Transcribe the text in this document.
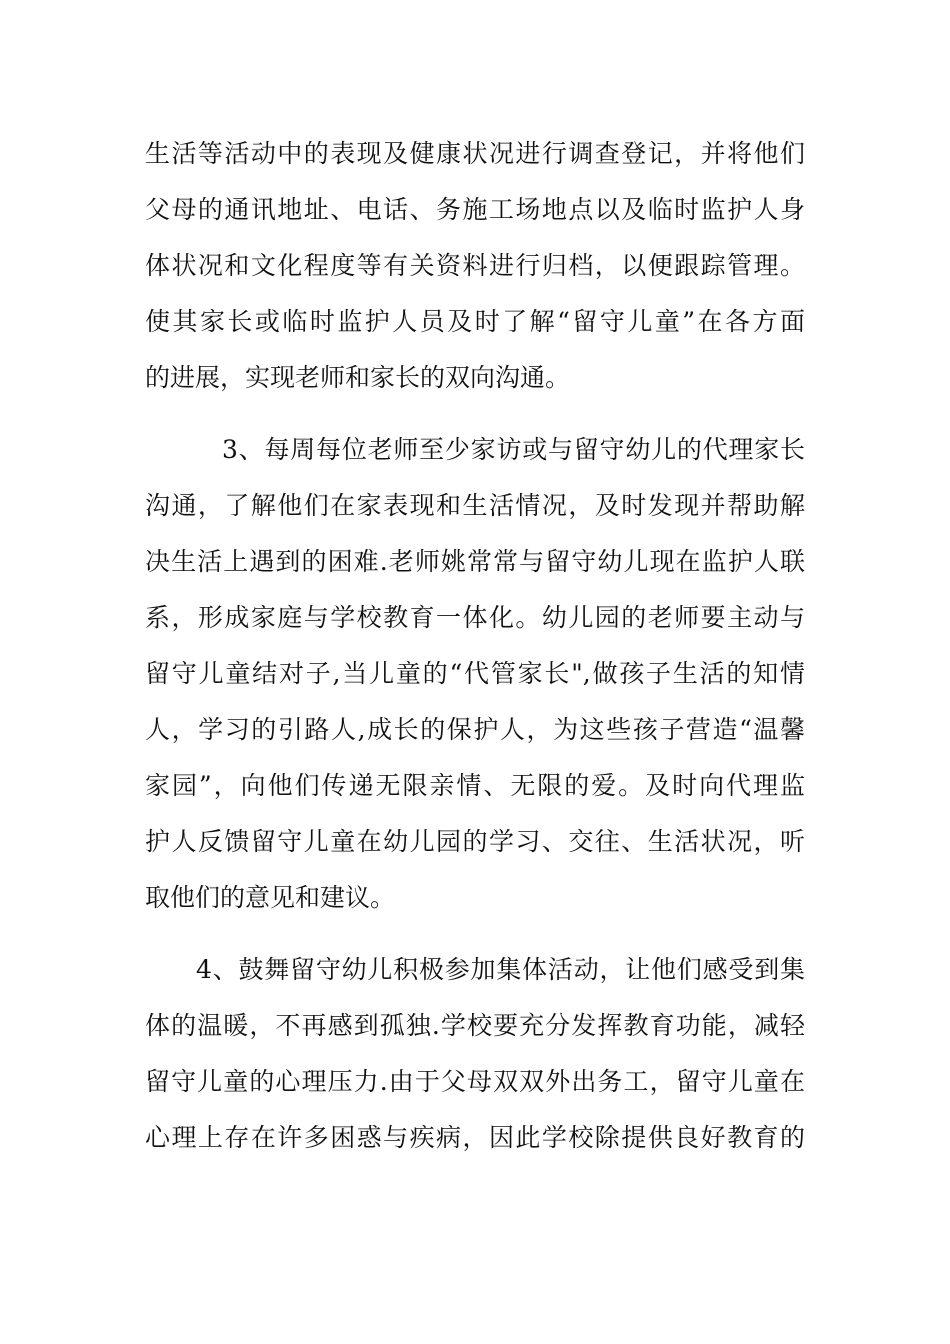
生活等活动中的表现及健康状况进行调查登记，并将他们
父母的通讯地址、电话、务施工场地点以及临时监护人身
体状况和文化程度等有关资料进行归档，以便跟踪管理。
使其家长或临时监护人员及时了解“留守儿童”在各方面
的进展，实现老师和家长的双向沟通。
3、每周每位老师至少家访或与留守幼儿的代理家长
沟通，了解他们在家表现和生活情况，及时发现并帮助解
决生活上遇到的困难.老师姚常常与留守幼儿现在监护人联
系，形成家庭与学校教育一体化。幼儿园的老师要主动与
留守儿童结对子,当儿童的“代管家长",做孩子生活的知情
人，学习的引路人,成长的保护人，为这些孩子营造“温馨
家园”，向他们传递无限亲情、无限的爱。及时向代理监
护人反馈留守儿童在幼儿园的学习、交往、生活状况，听
取他们的意见和建议。
4、鼓舞留守幼儿积极参加集体活动，让他们感受到集
体的温暖，不再感到孤独.学校要充分发挥教育功能，减轻
留守儿童的心理压力.由于父母双双外出务工，留守儿童在
心理上存在许多困惑与疾病，因此学校除提供良好教育的
